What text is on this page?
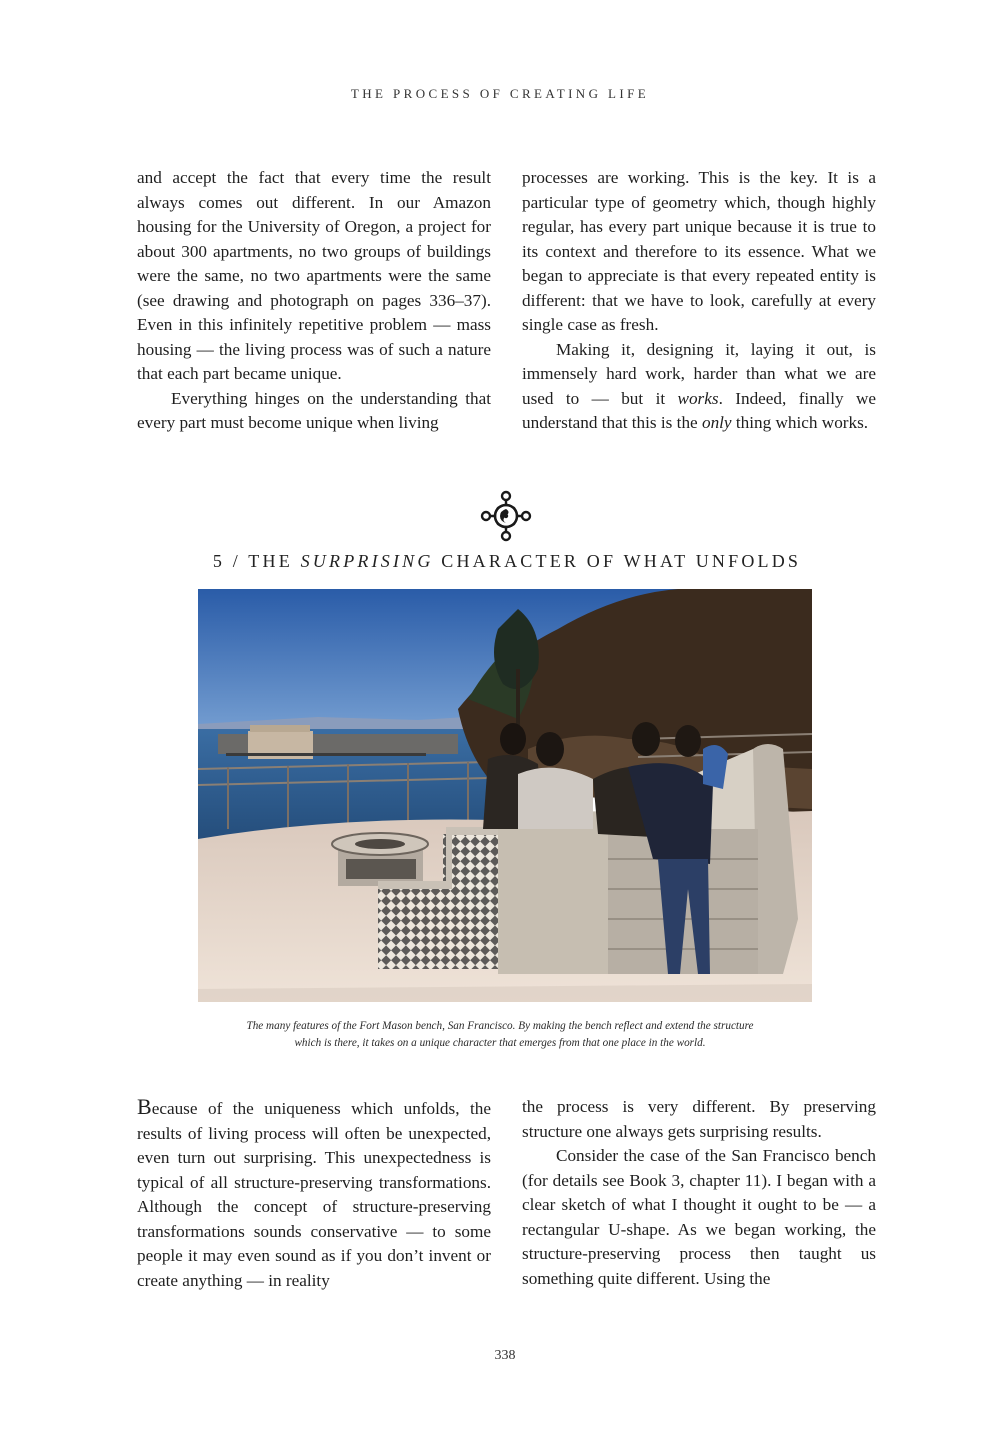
THE PROCESS OF CREATING LIFE

and accept the fact that every time the result always comes out different. In our Amazon housing for the University of Oregon, a project for about 300 apartments, no two groups of buildings were the same, no two apartments were the same (see drawing and photograph on pages 336–37). Even in this infinitely repetitive problem — mass housing — the living process was of such a nature that each part became unique.

Everything hinges on the understanding that every part must become unique when living

processes are working. This is the key. It is a particular type of geometry which, though highly regular, has every part unique because it is true to its context and therefore to its essence. What we began to appreciate is that every repeated entity is different: that we have to look, carefully at every single case as fresh.

Making it, designing it, laying it out, is immensely hard work, harder than what we are used to — but it works. Indeed, finally we understand that this is the only thing which works.

5 / THE SURPRISING CHARACTER OF WHAT UNFOLDS
The many features of the Fort Mason bench, San Francisco. By making the bench reflect and extend the structure
which is there, it takes on a unique character that emerges from that one place in the world.

Because of the uniqueness which unfolds, the results of living process will often be unexpected, even turn out surprising. This unexpectedness is typical of all structure-preserving transformations. Although the concept of structure-preserving transformations sounds conservative — to some people it may even sound as if you don’t invent or create anything — in reality

the process is very different. By preserving structure one always gets surprising results.

Consider the case of the San Francisco bench (for details see Book 3, chapter 11). I began with a clear sketch of what I thought it ought to be — a rectangular U-shape. As we began working, the structure-preserving process then taught us something quite different. Using the

338
